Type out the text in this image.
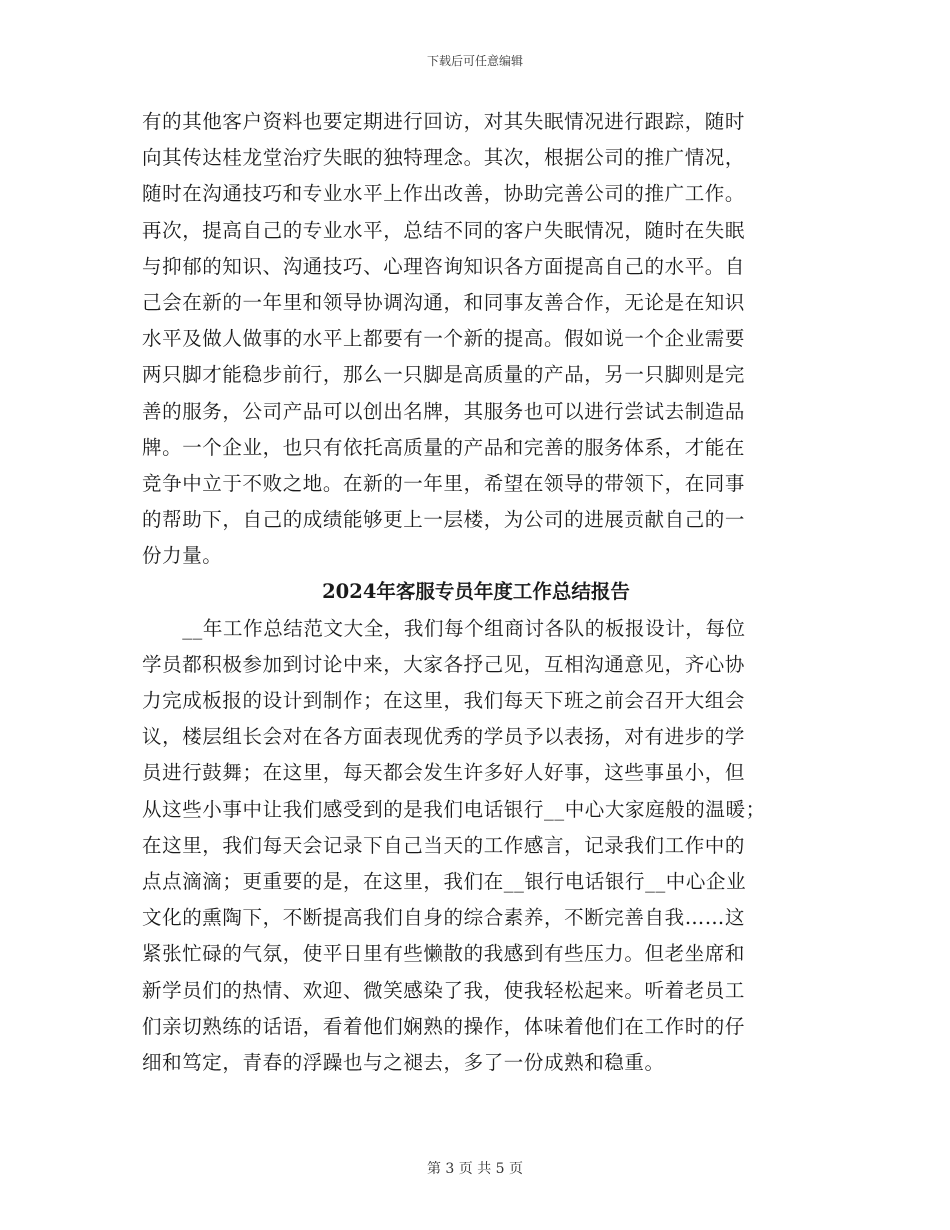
下载后可任意编辑
有的其他客户资料也要定期进行回访，对其失眠情况进行跟踪，随时
向其传达桂龙堂治疗失眠的独特理念。其次，根据公司的推广情况，
随时在沟通技巧和专业水平上作出改善，协助完善公司的推广工作。
再次，提高自己的专业水平，总结不同的客户失眠情况，随时在失眠
与抑郁的知识、沟通技巧、心理咨询知识各方面提高自己的水平。自
己会在新的一年里和领导协调沟通，和同事友善合作，无论是在知识
水平及做人做事的水平上都要有一个新的提高。假如说一个企业需要
两只脚才能稳步前行，那么一只脚是高质量的产品，另一只脚则是完
善的服务，公司产品可以创出名牌，其服务也可以进行尝试去制造品
牌。一个企业，也只有依托高质量的产品和完善的服务体系，才能在
竞争中立于不败之地。在新的一年里，希望在领导的带领下，在同事
的帮助下，自己的成绩能够更上一层楼，为公司的进展贡献自己的一
份力量。
2024年客服专员年度工作总结报告
　　__年工作总结范文大全，我们每个组商讨各队的板报设计，每位
学员都积极参加到讨论中来，大家各抒己见，互相沟通意见，齐心协
力完成板报的设计到制作；在这里，我们每天下班之前会召开大组会
议，楼层组长会对在各方面表现优秀的学员予以表扬，对有进步的学
员进行鼓舞；在这里，每天都会发生许多好人好事，这些事虽小，但
从这些小事中让我们感受到的是我们电话银行__中心大家庭般的温暖；
在这里，我们每天会记录下自己当天的工作感言，记录我们工作中的
点点滴滴；更重要的是，在这里，我们在__银行电话银行__中心企业
文化的熏陶下，不断提高我们自身的综合素养，不断完善自我……这
紧张忙碌的气氛，使平日里有些懒散的我感到有些压力。但老坐席和
新学员们的热情、欢迎、微笑感染了我，使我轻松起来。听着老员工
们亲切熟练的话语，看着他们娴熟的操作，体味着他们在工作时的仔
细和笃定，青春的浮躁也与之褪去，多了一份成熟和稳重。
第 3 页 共 5 页
